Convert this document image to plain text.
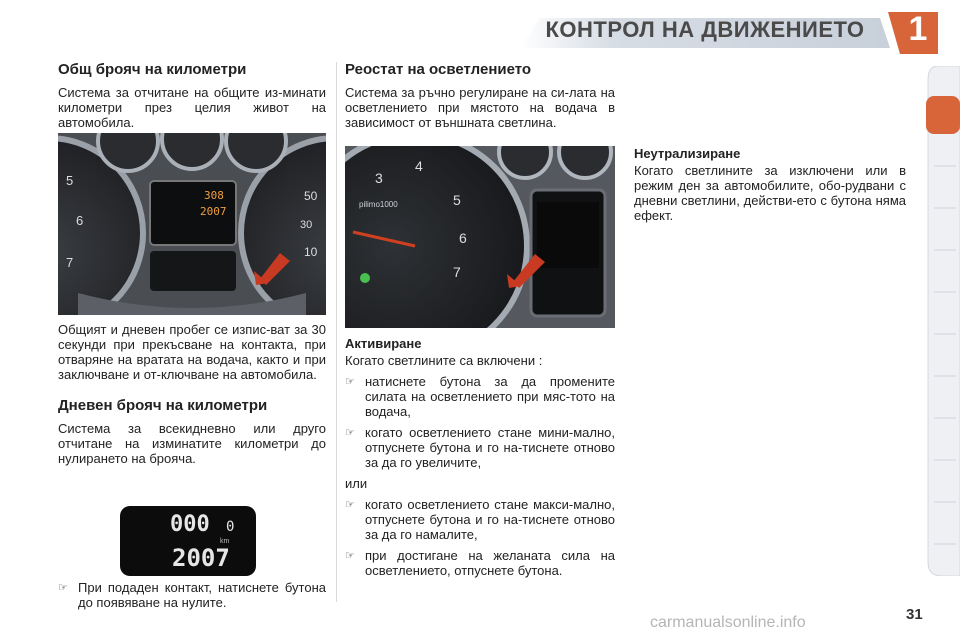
КОНТРОЛ НА ДВИЖЕНИЕТО	1
Общ брояч на километри

Система за отчитане на общите из-минати километри през целия живот на автомобила.

308
2007
5
6
7
50
30
10

Общият и дневен пробег се изпис-ват за 30 секунди при прекъсване на контакта, при отваряне на вратата на водача, както и при заключване и от-ключване на автомобила.

Дневен брояч на километри

Система за всекидневно или друго отчитане на изминатите километри до нулирането на брояча.

000 0
km
2007
☞ При подаден контакт, натиснете бутона до появяване на нулите.
Реостат на осветлението

Система за ръчно регулиране на си-лата на осветлението при мястото на водача в зависимост от външната светлина.

3
4
5
6
7
pilimo1000
Активиране

Когато светлините са включени :

☞ натиснете бутона за да промените силата на осветлението при мяс-тото на водача,
☞ когато осветлението стане мини-мално, отпуснете бутона и го на-тиснете отново за да го увеличите,

или

☞ когато осветлението стане макси-мално, отпуснете бутона и го на-тиснете отново за да го намалите,
☞ при достигане на желаната сила на осветлението, отпуснете бутона.
Неутрализиране

Когато светлините за изключени или в режим ден за автомобилите, обо-рудвани с дневни светлини, действи-ето с бутона няма ефект.

carmanualsonline.info	31
